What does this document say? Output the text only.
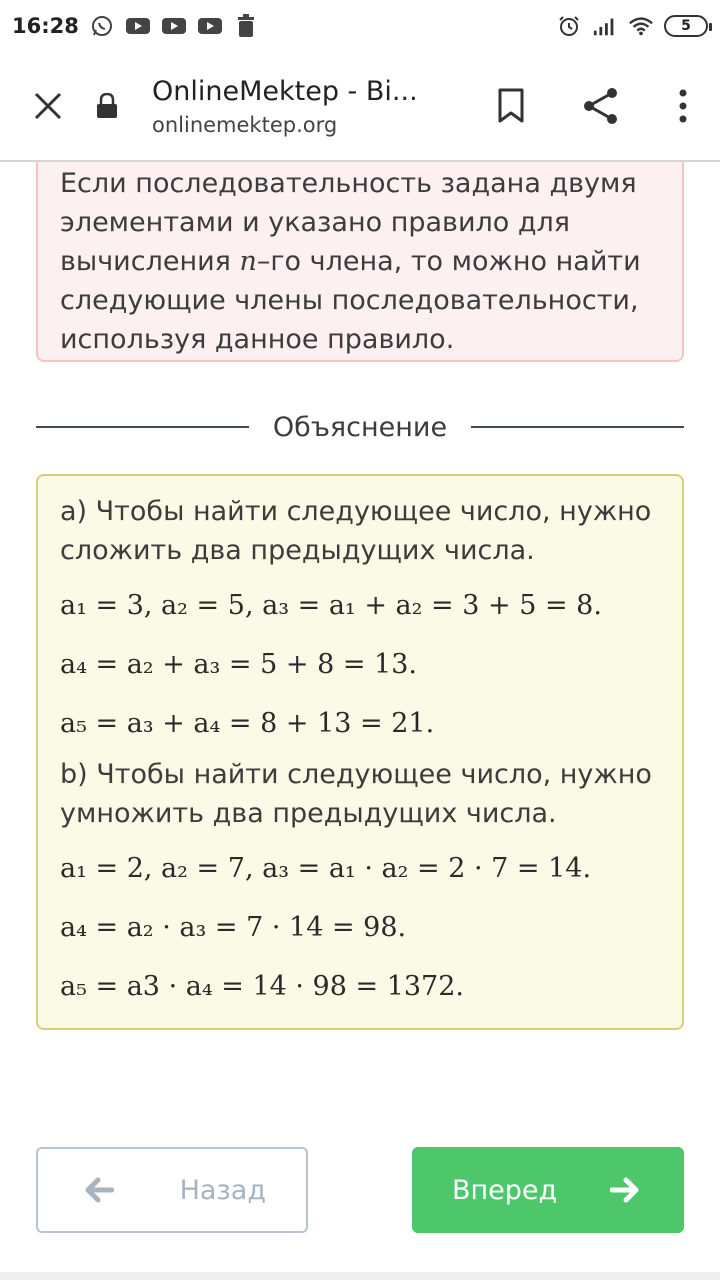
16:28	5
OnlineMektep - Bi...
onlinemektep.org
Если последовательность задана двумя
элементами и указано правило для
вычисления n–го члена, то можно найти
следующие члены последовательности,
используя данное правило.
Объяснение
a) Чтобы найти следующее число, нужно сложить два предыдущих числа.
a₁ = 3, a₂ = 5, a₃ = a₁ + a₂ = 3 + 5 = 8.
a₄ = a₂ + a₃ = 5 + 8 = 13.
a₅ = a₃ + a₄ = 8 + 13 = 21.
b) Чтобы найти следующее число, нужно умножить два предыдущих числа.
a₁ = 2, a₂ = 7, a₃ = a₁ · a₂ = 2 · 7 = 14.
a₄ = a₂ · a₃ = 7 · 14 = 98.
a₅ = a3 · a₄ = 14 · 98 = 1372.
Назад	Вперед
